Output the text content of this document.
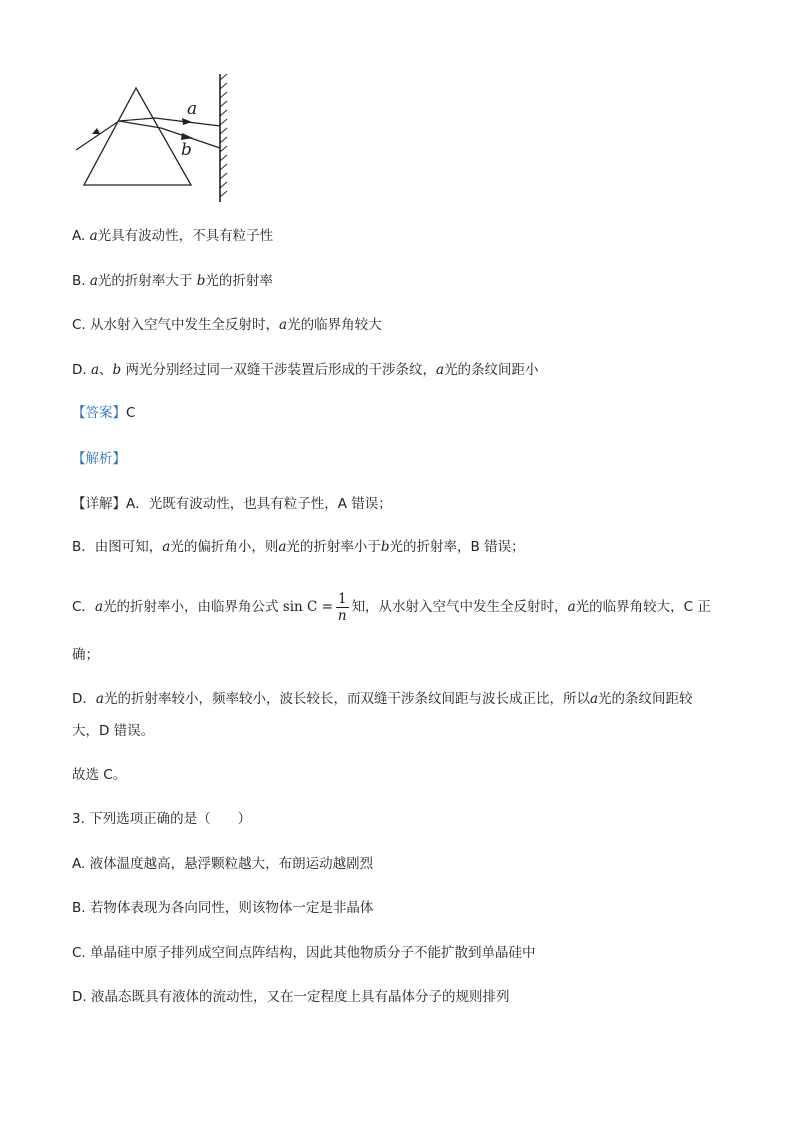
a
b
A. a光具有波动性，不具有粒子性
B. a光的折射率大于 b光的折射率
C. 从水射入空气中发生全反射时，a光的临界角较大
D. a、b 两光分别经过同一双缝干涉装置后形成的干涉条纹，a光的条纹间距小
【答案】C
【解析】
【详解】A．光既有波动性，也具有粒子性，A 错误；
B．由图可知，a光的偏折角小，则a光的折射率小于b光的折射率，B 错误；
C．a光的折射率小，由临界角公式 $\sin C = \frac{1}{n}$ 知，从水射入空气中发生全反射时，a光的临界角较大，C 正
确；
D．a光的折射率较小，频率较小，波长较长，而双缝干涉条纹间距与波长成正比，所以a光的条纹间距较
大，D 错误。
故选 C。
3. 下列选项正确的是（　　）
A. 液体温度越高，悬浮颗粒越大，布朗运动越剧烈
B. 若物体表现为各向同性，则该物体一定是非晶体
C. 单晶硅中原子排列成空间点阵结构，因此其他物质分子不能扩散到单晶硅中
D. 液晶态既具有液体的流动性，又在一定程度上具有晶体分子的规则排列
